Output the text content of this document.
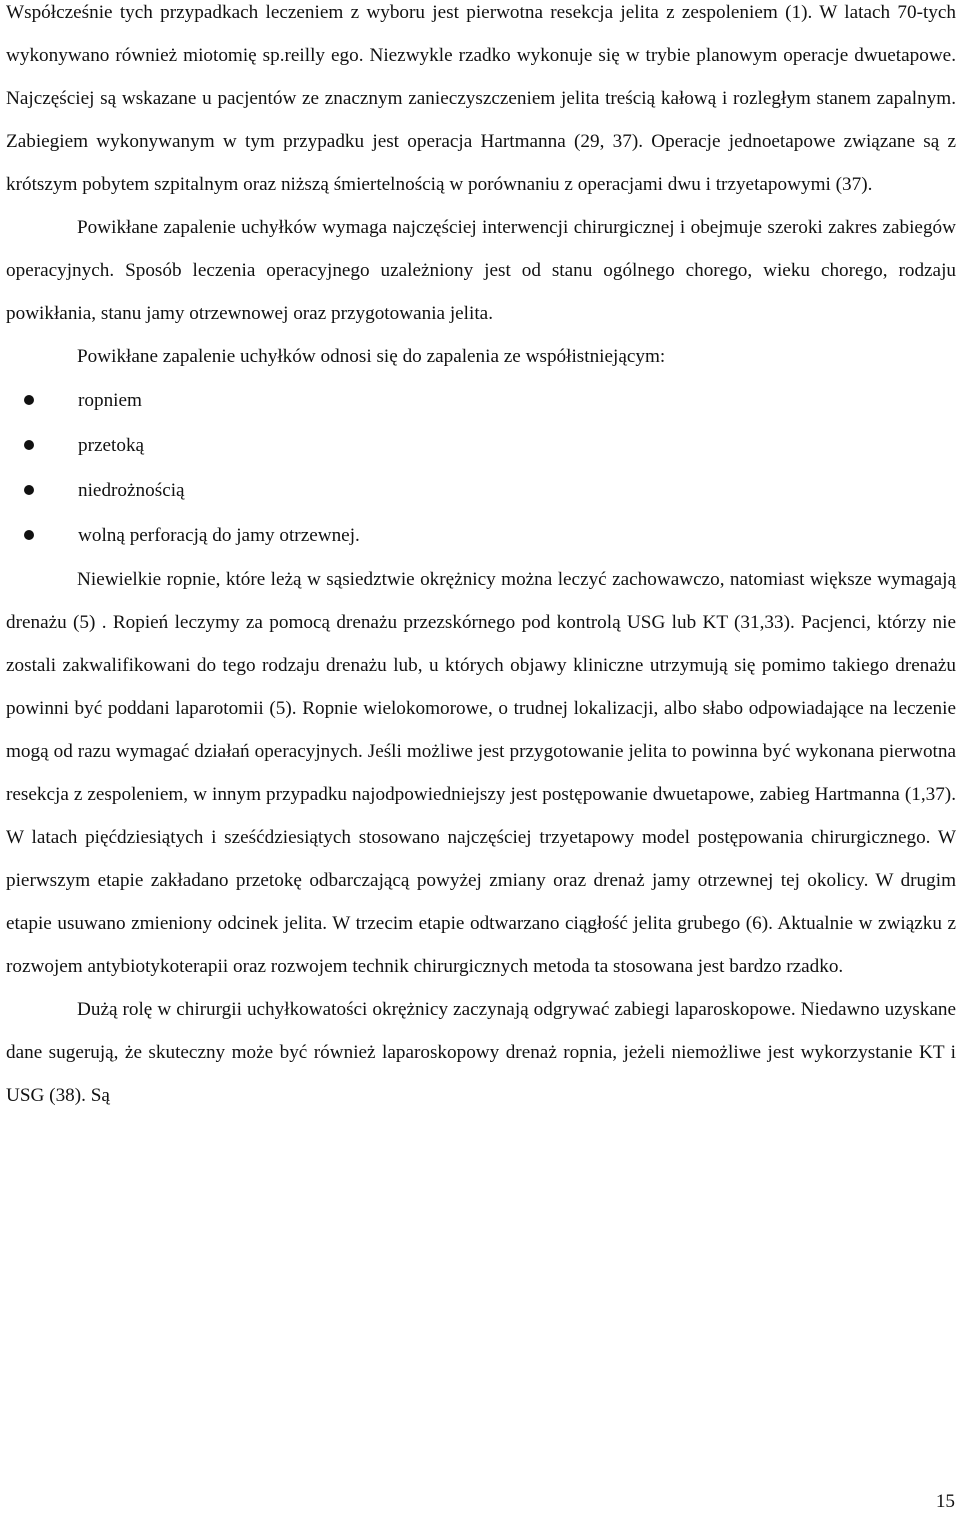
Współcześnie tych przypadkach leczeniem z wyboru jest pierwotna resekcja jelita z zespoleniem (1). W latach 70-tych wykonywano również miotomię sp.reilly ego. Niezwykle rzadko wykonuje się w trybie planowym operacje dwuetapowe. Najczęściej są wskazane u pacjentów ze znacznym zanieczyszczeniem jelita treścią kałową i rozległym stanem zapalnym. Zabiegiem wykonywanym w tym przypadku jest operacja Hartmanna (29, 37). Operacje jednoetapowe związane są z krótszym pobytem szpitalnym oraz niższą śmiertelnością w porównaniu z operacjami dwu i trzyetapowymi (37).

Powikłane zapalenie uchyłków wymaga najczęściej interwencji chirurgicznej i obejmuje szeroki zakres zabiegów operacyjnych. Sposób leczenia operacyjnego uzależniony jest od stanu ogólnego chorego, wieku chorego, rodzaju powikłania, stanu jamy otrzewnowej oraz przygotowania jelita.

Powikłane zapalenie uchyłków odnosi się do zapalenia ze współistniejącym:

ropniem
przetoką
niedrożnością
wolną perforacją do jamy otrzewnej.

Niewielkie ropnie, które leżą w sąsiedztwie okrężnicy można leczyć zachowawczo, natomiast większe wymagają drenażu (5) . Ropień leczymy za pomocą drenażu przezskórnego pod kontrolą USG lub KT (31,33). Pacjenci, którzy nie zostali zakwalifikowani do tego rodzaju drenażu lub, u których objawy kliniczne utrzymują się pomimo takiego drenażu powinni być poddani laparotomii (5). Ropnie wielokomorowe, o trudnej lokalizacji, albo słabo odpowiadające na leczenie mogą od razu wymagać działań operacyjnych. Jeśli możliwe jest przygotowanie jelita to powinna być wykonana pierwotna resekcja z zespoleniem, w innym przypadku najodpowiedniejszy jest postępowanie dwuetapowe, zabieg Hartmanna (1,37). W latach pięćdziesiątych i sześćdziesiątych stosowano najczęściej trzyetapowy model postępowania chirurgicznego. W pierwszym etapie zakładano przetokę odbarczającą powyżej zmiany oraz drenaż jamy otrzewnej tej okolicy. W drugim etapie usuwano zmieniony odcinek jelita. W trzecim etapie odtwarzano ciągłość jelita grubego (6). Aktualnie w związku z rozwojem antybiotykoterapii oraz rozwojem technik chirurgicznych metoda ta stosowana jest bardzo rzadko.

Dużą rolę w chirurgii uchyłkowatości okrężnicy zaczynają odgrywać zabiegi laparoskopowe. Niedawno uzyskane dane sugerują, że skuteczny może być również laparoskopowy drenaż ropnia, jeżeli niemożliwe jest wykorzystanie KT i USG (38). Są

15
